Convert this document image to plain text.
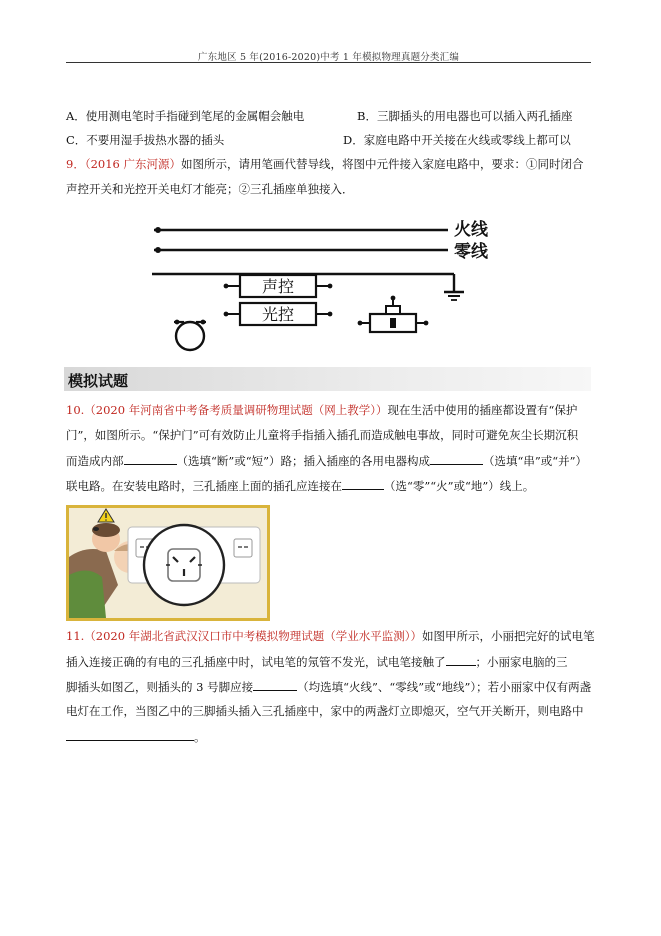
广东地区 5 年(2016-2020)中考 1 年模拟物理真题分类汇编
A．使用测电笔时手指碰到笔尾的金属帽会触电	B．三脚插头的用电器也可以插入两孔插座
C．不要用湿手拔热水器的插头	D．家庭电路中开关接在火线或零线上都可以
9．（2016 广东河源）如图所示，请用笔画代替导线，将图中元件接入家庭电路中，要求：①同时闭合
声控开关和光控开关电灯才能亮；②三孔插座单独接入．
火线
零线
声控
光控
模拟试题
10.（2020 年河南省中考备考质量调研物理试题（网上教学））现在生活中使用的插座都设置有“保护
门”，如图所示。“保护门”可有效防止儿童将手指插入插孔而造成触电事故，同时可避免灰尘长期沉积
而造成内部	（选填“断”或“短”）路；插入插座的各用电器构成	（选填“串”或“并”）
联电路。在安装电路时，三孔插座上面的插孔应连接在	（选“零”“火”或“地”）线上。
11.（2020 年湖北省武汉汉口市中考模拟物理试题（学业水平监测））如图甲所示，小丽把完好的试电笔
插入连接正确的有电的三孔插座中时，试电笔的氖管不发光，试电笔接触了	；小丽家电脑的三
脚插头如图乙，则插头的 3 号脚应接	（均选填“火线”、“零线”或“地线”）；若小丽家中仅有两盏
电灯在工作，当图乙中的三脚插头插入三孔插座中，家中的两盏灯立即熄灭，空气开关断开，则电路中
。
